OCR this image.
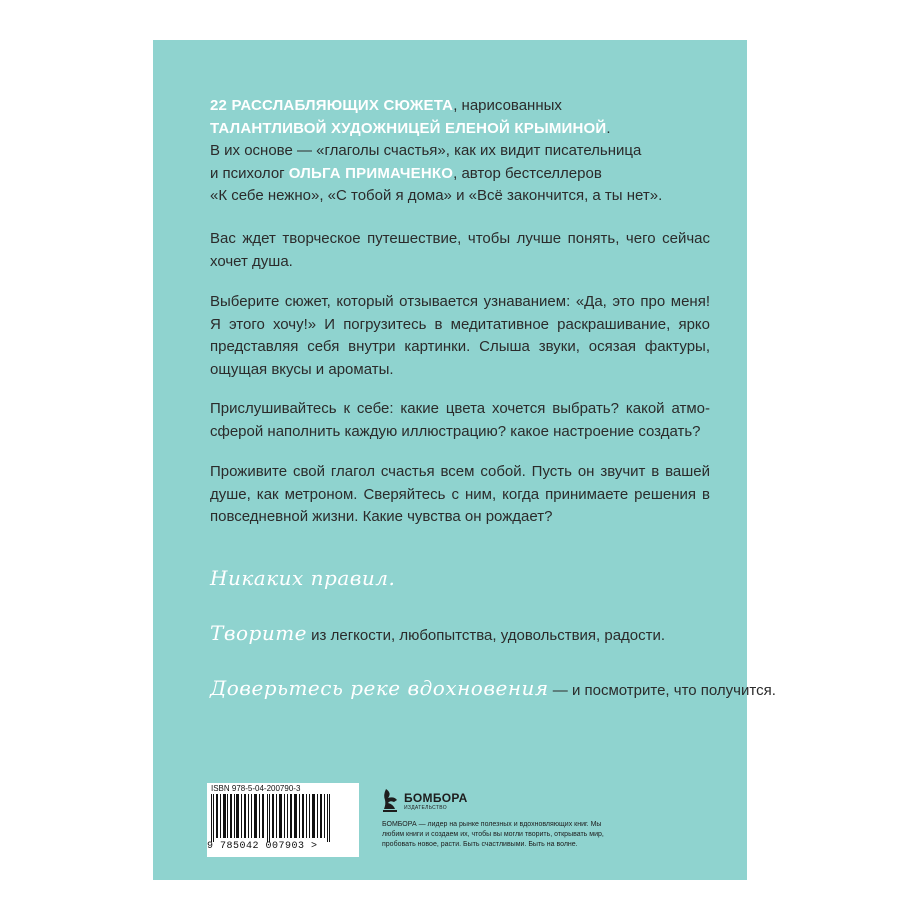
22 РАССЛАБЛЯЮЩИХ СЮЖЕТА, нарисованных
ТАЛАНТЛИВОЙ ХУДОЖНИЦЕЙ ЕЛЕНОЙ КРЫМИНОЙ.
В их основе — «глаголы счастья», как их видит писательница
и психолог ОЛЬГА ПРИМАЧЕНКО, автор бестселлеров
«К себе нежно», «С тобой я дома» и «Всё закончится, а ты нет».
Вас ждет творческое путешествие, чтобы лучше понять, чего сейчас хочет душа.
Выберите сюжет, который отзывается узнаванием: «Да, это про меня! Я этого хочу!» И погрузитесь в медитативное раскрашивание, ярко представляя себя внутри картинки. Слыша звуки, осязая фактуры, ощущая вкусы и ароматы.
Прислушивайтесь к себе: какие цвета хочется выбрать? какой атмосферой наполнить каждую иллюстрацию? какое настроение создать?
Проживите свой глагол счастья всем собой. Пусть он звучит в вашей душе, как метроном. Сверяйтесь с ним, когда принимаете решения в повседневной жизни. Какие чувства он рождает?
Никаких правил.
Творите из легкости, любопытства, удовольствия, радости.
Доверьтесь реке вдохновения — и посмотрите, что получится.
ISBN 978-5-04-200790-3
9 785042 007903 >
БОМБОРА
ИЗДАТЕЛЬСТВО
БОМБОРА — лидер на рынке полезных и вдохновляющих книг. Мы любим книги и создаем их, чтобы вы могли творить, открывать мир, пробовать новое, расти. Быть счастливыми. Быть на волне.
